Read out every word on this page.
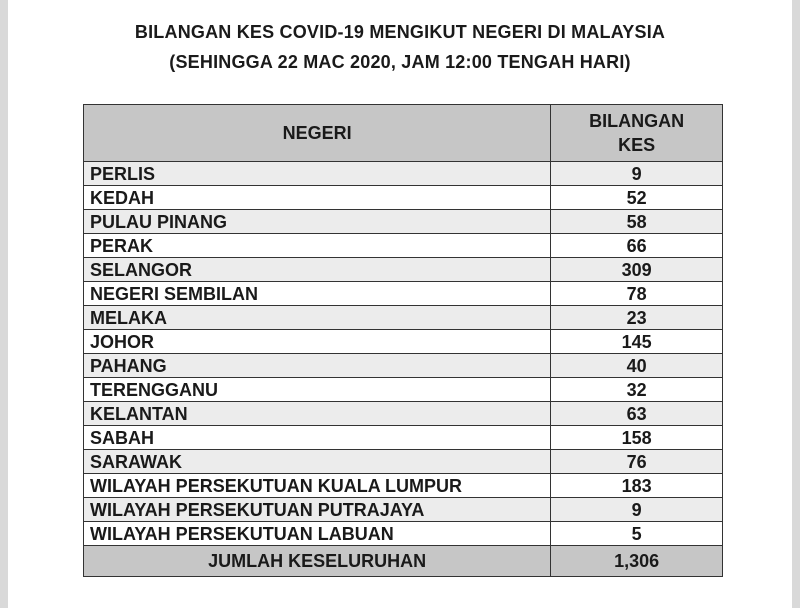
BILANGAN KES COVID-19 MENGIKUT NEGERI DI MALAYSIA
(SEHINGGA 22 MAC 2020, JAM 12:00 TENGAH HARI)
NEGERI	BILANGAN
KES
PERLIS	9
KEDAH	52
PULAU PINANG	58
PERAK	66
SELANGOR	309
NEGERI SEMBILAN	78
MELAKA	23
JOHOR	145
PAHANG	40
TERENGGANU	32
KELANTAN	63
SABAH	158
SARAWAK	76
WILAYAH PERSEKUTUAN KUALA LUMPUR	183
WILAYAH PERSEKUTUAN PUTRAJAYA	9
WILAYAH PERSEKUTUAN LABUAN	5
JUMLAH KESELURUHAN	1,306
